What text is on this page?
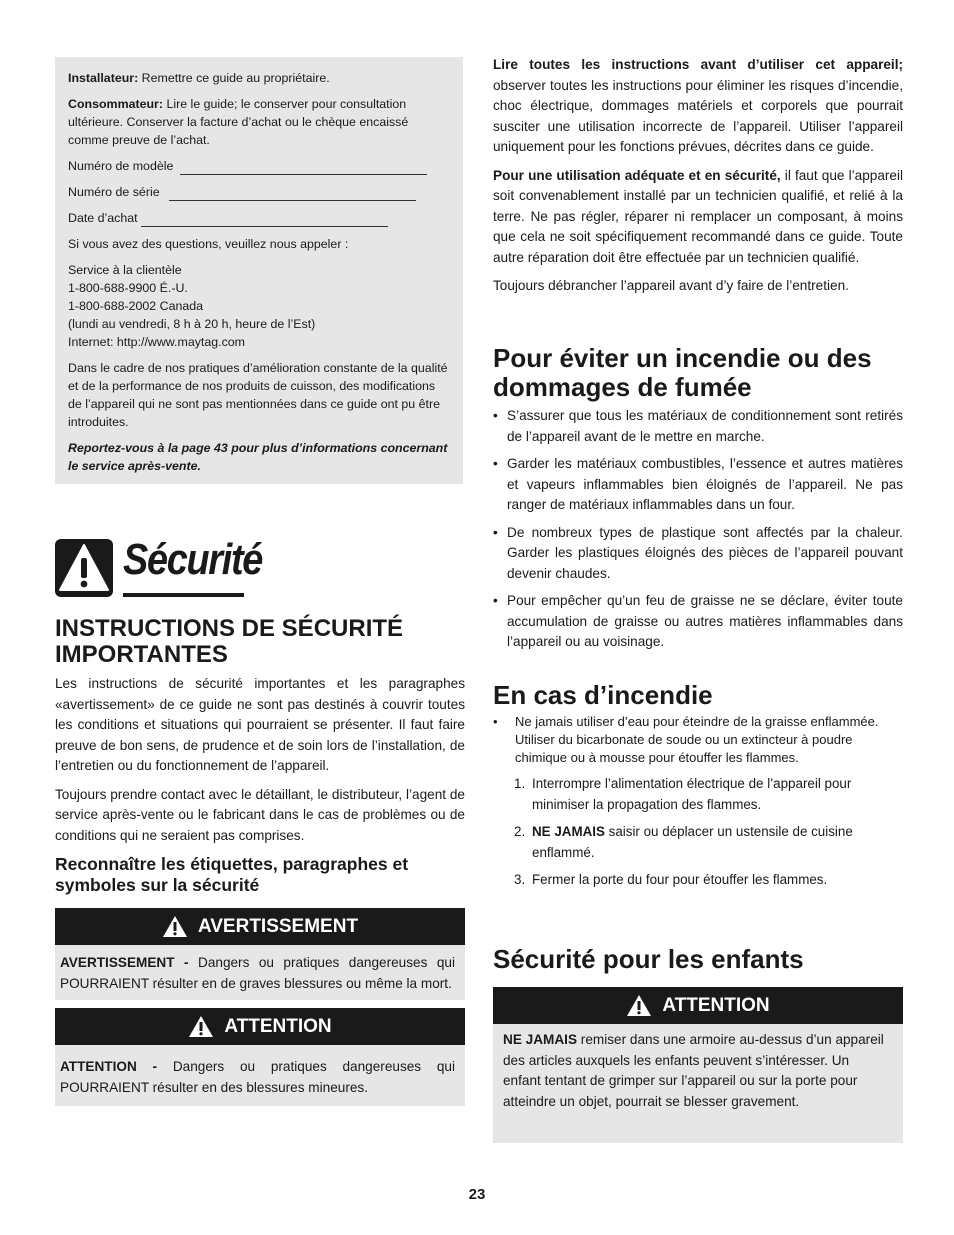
Installateur: Remettre ce guide au propriétaire.

Consommateur: Lire le guide; le conserver pour consultation ultérieure. Conserver la facture d’achat ou le chèque encaissé comme preuve de l’achat.

Numéro de modèle
Numéro de série
Date d’achat

Si vous avez des questions, veuillez nous appeler :

Service à la clientèle
1-800-688-9900 É.-U.
1-800-688-2002 Canada
(lundi au vendredi, 8 h à 20 h, heure de l’Est)
Internet: http://www.maytag.com

Dans le cadre de nos pratiques d’amélioration constante de la qualité et de la performance de nos produits de cuisson, des modifications de l’appareil qui ne sont pas mentionnées dans ce guide ont pu être introduites.

Reportez-vous à la page 43 pour plus d’informations concernant le service après-vente.

Sécurité
INSTRUCTIONS DE SÉCURITÉ IMPORTANTES

Les instructions de sécurité importantes et les paragraphes «avertissement» de ce guide ne sont pas destinés à couvrir toutes les conditions et situations qui pourraient se présenter. Il faut faire preuve de bon sens, de prudence et de soin lors de l’installation, de l’entretien ou du fonctionnement de l’appareil.

Toujours prendre contact avec le détaillant, le distributeur, l’agent de service après-vente ou le fabricant dans le cas de problèmes ou de conditions qui ne seraient pas comprises.

Reconnaître les étiquettes, paragraphes et symboles sur la sécurité
AVERTISSEMENT
AVERTISSEMENT - Dangers ou pratiques dangereuses qui POURRAIENT résulter en de graves blessures ou même la mort.
ATTENTION
ATTENTION - Dangers ou pratiques dangereuses qui POURRAIENT résulter en des blessures mineures.

Lire toutes les instructions avant d’utiliser cet appareil; observer toutes les instructions pour éliminer les risques d’incendie, choc électrique, dommages matériels et corporels que pourrait susciter une utilisation incorrecte de l’appareil. Utiliser l’appareil uniquement pour les fonctions prévues, décrites dans ce guide.

Pour une utilisation adéquate et en sécurité, il faut que l’appareil soit convenablement installé par un technicien qualifié, et relié à la terre. Ne pas régler, réparer ni remplacer un composant, à moins que cela ne soit spécifiquement recommandé dans ce guide. Toute autre réparation doit être effectuée par un technicien qualifié.

Toujours débrancher l’appareil avant d’y faire de l’entretien.

Pour éviter un incendie ou des dommages de fumée
• S’assurer que tous les matériaux de conditionnement sont retirés de l’appareil avant de le mettre en marche.
• Garder les matériaux combustibles, l’essence et autres matières et vapeurs inflammables bien éloignés de l’appareil. Ne pas ranger de matériaux inflammables dans un four.
• De nombreux types de plastique sont affectés par la chaleur. Garder les plastiques éloignés des pièces de l’appareil pouvant devenir chaudes.
• Pour empêcher qu’un feu de graisse ne se déclare, éviter toute accumulation de graisse ou autres matières inflammables dans l’appareil ou au voisinage.
En cas d’incendie
• Ne jamais utiliser d’eau pour éteindre de la graisse enflammée. Utiliser du bicarbonate de soude ou un extincteur à poudre chimique ou à mousse pour étouffer les flammes.
1. Interrompre l’alimentation électrique de l’appareil pour minimiser la propagation des flammes.
2. NE JAMAIS saisir ou déplacer un ustensile de cuisine enflammé.
3. Fermer la porte du four pour étouffer les flammes.
Sécurité pour les enfants
ATTENTION
NE JAMAIS remiser dans une armoire au-dessus d’un appareil des articles auxquels les enfants peuvent s’intéresser. Un enfant tentant de grimper sur l’appareil ou sur la porte pour atteindre un objet, pourrait se blesser gravement.
23
